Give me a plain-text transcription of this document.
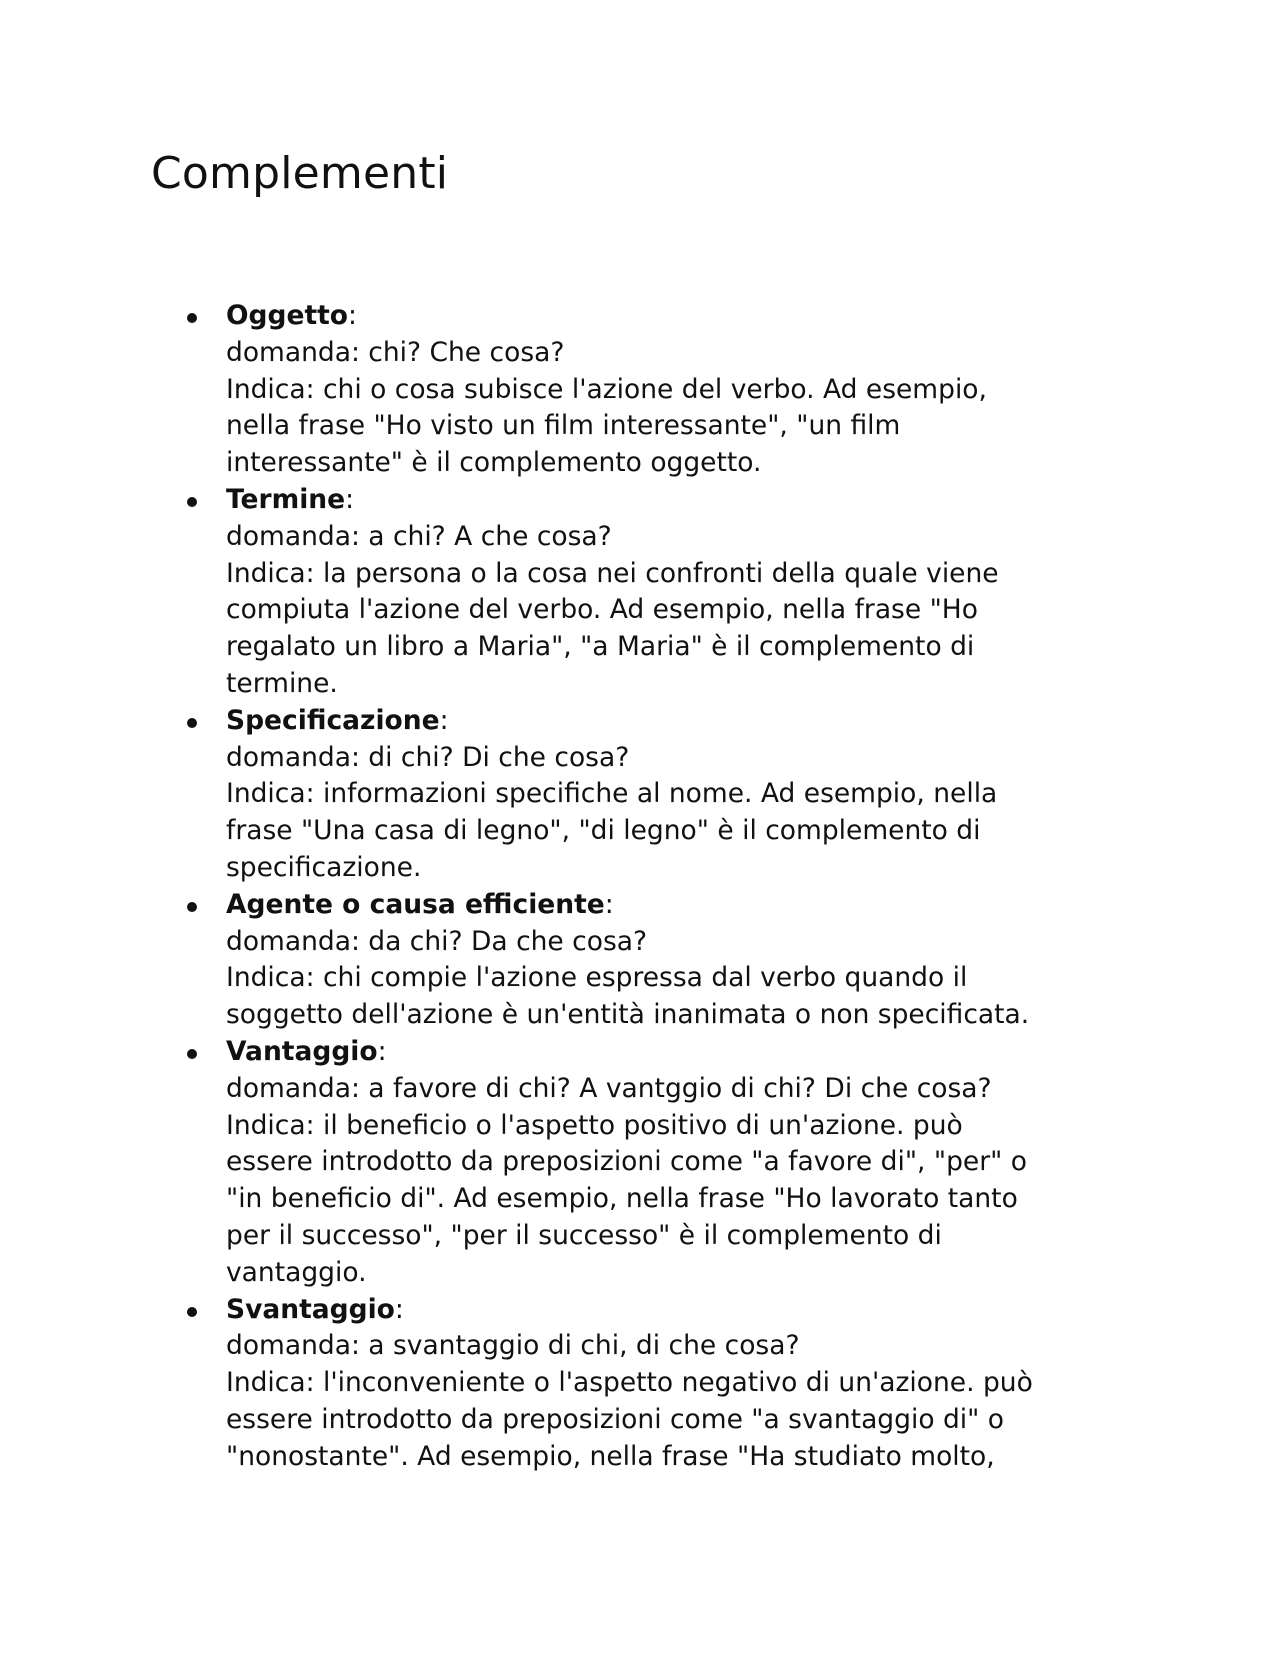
Complementi
Oggetto:
domanda: chi? Che cosa?
Indica: chi o cosa subisce l'azione del verbo. Ad esempio,
nella frase "Ho visto un film interessante", "un film
interessante" è il complemento oggetto.
Termine:
domanda: a chi? A che cosa?
Indica: la persona o la cosa nei confronti della quale viene
compiuta l'azione del verbo. Ad esempio, nella frase "Ho
regalato un libro a Maria", "a Maria" è il complemento di
termine.
Specificazione:
domanda: di chi? Di che cosa?
Indica: informazioni specifiche al nome. Ad esempio, nella
frase "Una casa di legno", "di legno" è il complemento di
specificazione.
Agente o causa efficiente:
domanda: da chi? Da che cosa?
Indica: chi compie l'azione espressa dal verbo quando il
soggetto dell'azione è un'entità inanimata o non specificata.
Vantaggio:
domanda: a favore di chi? A vantggio di chi? Di che cosa?
Indica: il beneficio o l'aspetto positivo di un'azione. può
essere introdotto da preposizioni come "a favore di", "per" o
"in beneficio di". Ad esempio, nella frase "Ho lavorato tanto
per il successo", "per il successo" è il complemento di
vantaggio.
Svantaggio:
domanda: a svantaggio di chi, di che cosa?
Indica: l'inconveniente o l'aspetto negativo di un'azione. può
essere introdotto da preposizioni come "a svantaggio di" o
"nonostante". Ad esempio, nella frase "Ha studiato molto,
